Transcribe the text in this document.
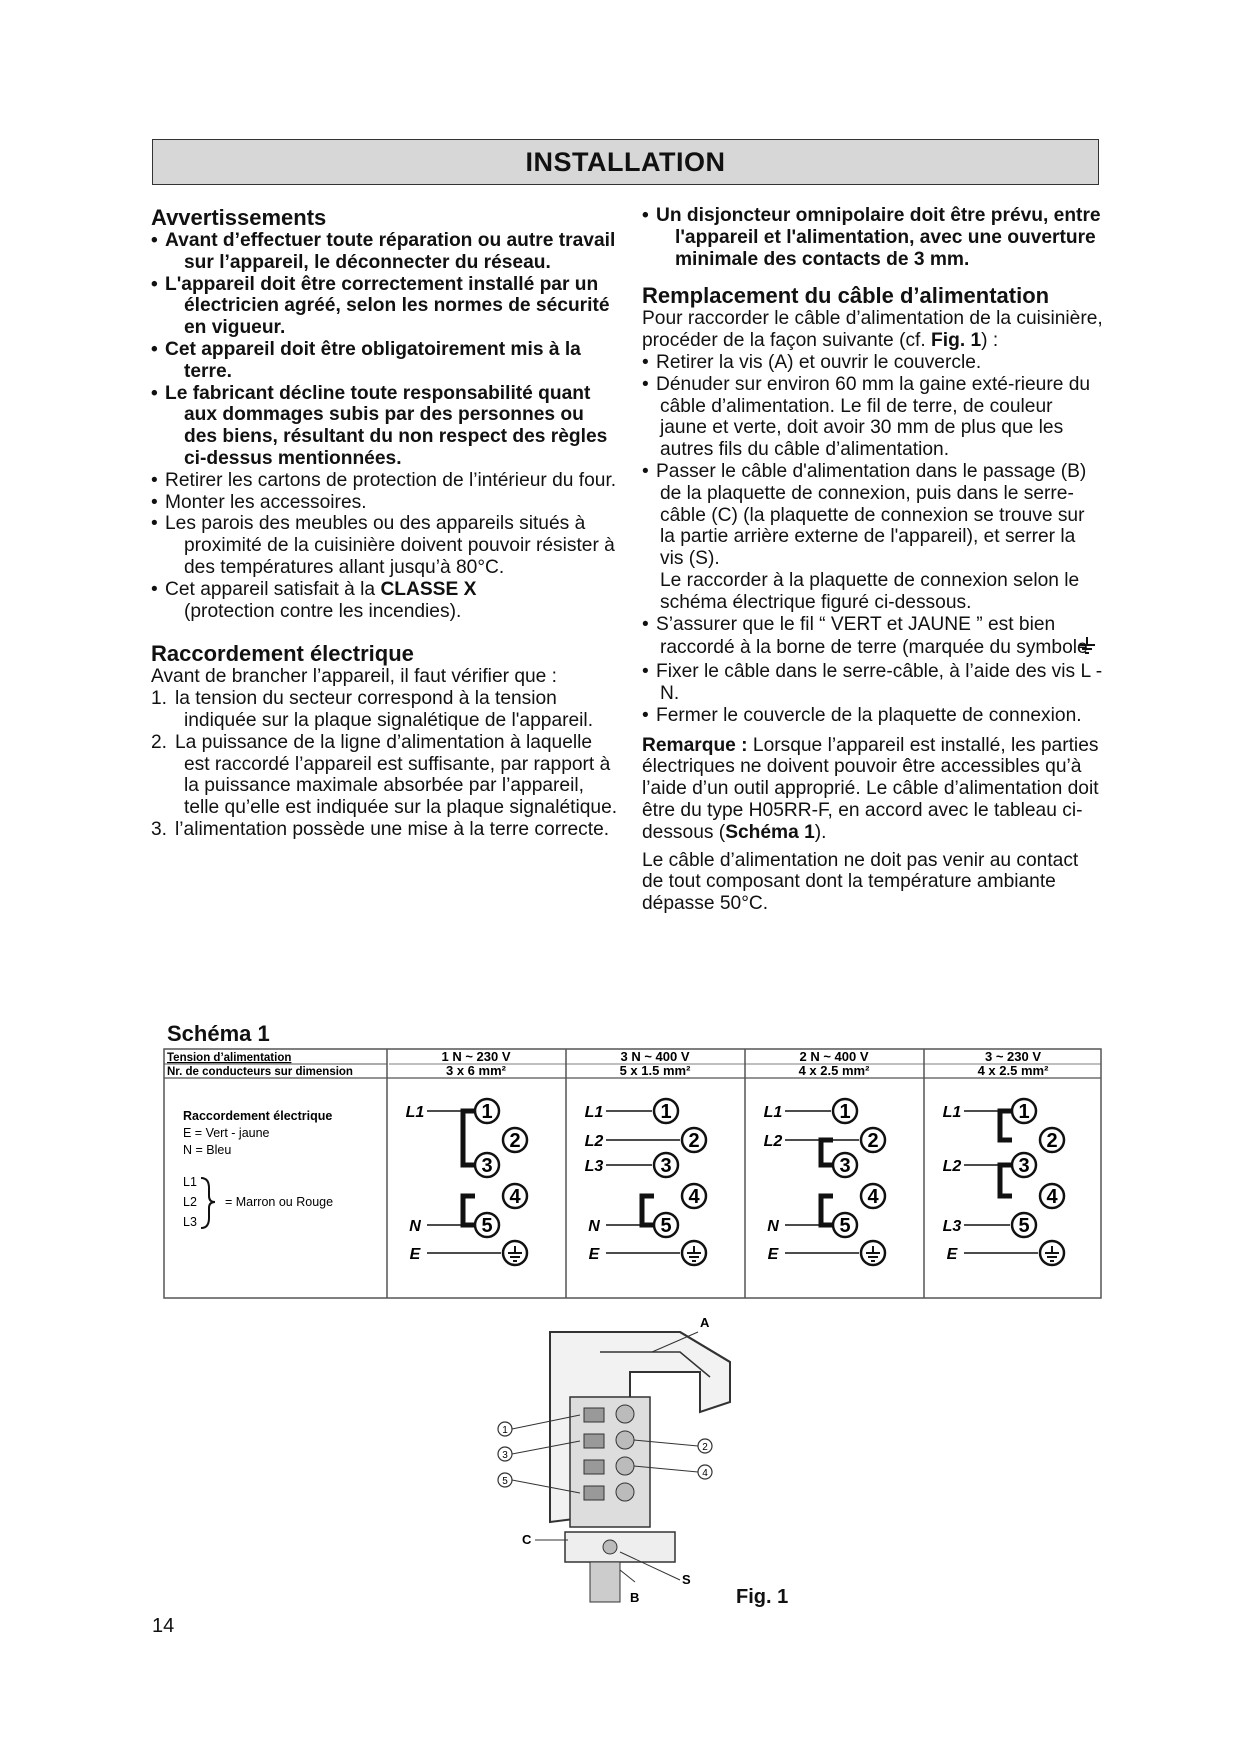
INSTALLATION

Avvertissements

• Avant d’effectuer toute réparation ou autre travail sur l’appareil, le déconnecter du réseau.

• L'appareil doit être correctement installé par un électricien agréé, selon les normes de sécurité en vigueur.

• Cet appareil doit être obligatoirement mis à la terre.

• Le fabricant décline toute responsabilité quant aux dommages subis par des personnes ou des biens, résultant du non respect des règles ci-dessus mentionnées.

• Retirer les cartons de protection de l’intérieur du four.

• Monter les accessoires.

• Les parois des meubles ou des appareils situés à proximité de la cuisinière doivent pouvoir résister à des températures allant jusqu’à 80°C.

• Cet appareil satisfait à la CLASSE X
(protection contre les incendies).

Raccordement électrique

Avant de brancher l’appareil, il faut vérifier que :

1. la tension du secteur correspond à la tension indiquée sur la plaque signalétique de l'appareil.

2. La puissance de la ligne d’alimentation à laquelle est raccordé l’appareil est suffisante, par rapport à la puissance maximale absorbée par l’appareil, telle qu’elle est indiquée sur la plaque signalétique.

3. l’alimentation possède une mise à la terre correcte.

• Un disjoncteur omnipolaire doit être prévu, entre l'appareil et l'alimentation, avec une ouverture minimale des contacts de 3 mm.

Remplacement du câble d’alimentation

Pour raccorder le câble d’alimentation de la cuisinière, procéder de la façon suivante (cf. Fig. 1) :

• Retirer la vis (A) et ouvrir le couvercle.

• Dénuder sur environ 60 mm la gaine exté-rieure du câble d’alimentation. Le fil de terre, de couleur jaune et verte, doit avoir 30 mm de plus que les autres fils du câble d’alimentation.

• Passer le câble d'alimentation dans le passage (B) de la plaquette de connexion, puis dans le serre-câble (C) (la plaquette de connexion se trouve sur la partie arrière externe de l'appareil), et serrer la vis (S).
Le raccorder à la plaquette de connexion selon le schéma électrique figuré ci-dessous.

• S’assurer que le fil “ VERT et JAUNE ” est bien raccordé à la borne de terre (marquée du symbole

• Fixer le câble dans le serre-câble, à l’aide des vis L - N.

• Fermer le couvercle de la plaquette de connexion.

Remarque : Lorsque l’appareil est installé, les parties électriques ne doivent pouvoir être accessibles qu’à l’aide d’un outil approprié. Le câble d’alimentation doit être du type H05RR-F, en accord avec le tableau ci-dessous (Schéma 1).

Le câble d’alimentation ne doit pas venir au contact de tout composant dont la température ambiante dépasse 50°C.

Schéma 1
Tension d’alimentation
Nr. de conducteurs sur dimension
1 N ~ 230 V
3 x 6 mm²
3 N ~ 400 V
5 x 1.5 mm²
2 N ~ 400 V
4 x 2.5 mm²
3 ~ 230 V
4 x 2.5 mm²
Raccordement électrique
E = Vert - jaune
N = Bleu
L1
L2
L3
= Marron ou Rouge
1
2
3
4
5
L1
N
E
1
2
3
4
5
L1
L2
L3
N
E
1
2
3
4
5
L1
L2
N
E
1
2
3
4
5
L1
L2
L3
E
1
3
5
2
4
A
B
C
S
Fig. 1
14
